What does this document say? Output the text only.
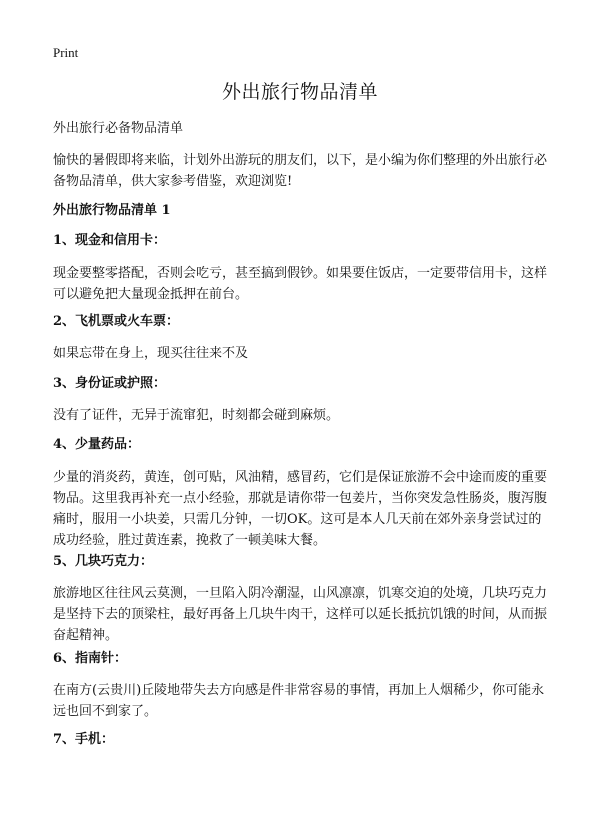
Print
外出旅行物品清单
外出旅行必备物品清单

愉快的暑假即将来临，计划外出游玩的朋友们，以下，是小编为你们整理的外出旅行必备物品清单，供大家参考借鉴，欢迎浏览!

外出旅行物品清单 1
1、现金和信用卡：

现金要整零搭配，否则会吃亏，甚至搞到假钞。如果要住饭店，一定要带信用卡，这样可以避免把大量现金抵押在前台。

2、飞机票或火车票：

如果忘带在身上，现买往往来不及

3、身份证或护照：

没有了证件，无异于流窜犯，时刻都会碰到麻烦。

4、少量药品：

少量的消炎药，黄连，创可贴，风油精，感冒药，它们是保证旅游不会中途而废的重要物品。这里我再补充一点小经验，那就是请你带一包姜片，当你突发急性肠炎，腹泻腹痛时，服用一小块姜，只需几分钟，一切OK。这可是本人几天前在郊外亲身尝试过的成功经验，胜过黄连素，挽救了一顿美味大餐。

5、几块巧克力：

旅游地区往往风云莫测，一旦陷入阴冷潮湿，山风凛凛，饥寒交迫的处境，几块巧克力是坚持下去的顶梁柱，最好再备上几块牛肉干，这样可以延长抵抗饥饿的时间，从而振奋起精神。

6、指南针：

在南方(云贵川)丘陵地带失去方向感是件非常容易的事情，再加上人烟稀少，你可能永远也回不到家了。

7、手机：
